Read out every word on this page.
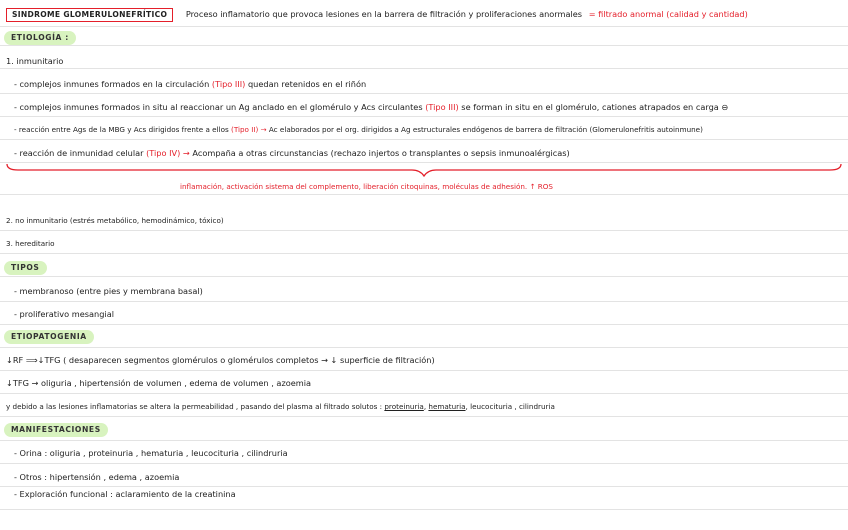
SINDROME GLOMERULONEFRÍTICO Proceso inflamatorio que provoca lesiones en la barrera de filtración y proliferaciones anormales = filtrado anormal (calidad y cantidad)
ETIOLOGÍA :
1. inmunitario
- complejos inmunes formados en la circulación (Tipo III) quedan retenidos en el riñón
- complejos inmunes formados in situ al reaccionar un Ag anclado en el glomérulo y Acs circulantes (Tipo III) se forman in situ en el glomérulo, cationes atrapados en carga ⊖
- reacción entre Ags de la MBG y Acs dirigidos frente a ellos (Tipo II) → Ac elaborados por el org. dirigidos a Ag estructurales endógenos de barrera de filtración (Glomerulonefritis autoinmune)
- reacción de inmunidad celular (Tipo IV) → Acompaña a otras circunstancias (rechazo injertos o transplantes o sepsis inmunoalérgicas)
inflamación, activación sistema del complemento, liberación citoquinas, moléculas de adhesión. ↑ ROS
2. no inmunitario (estrés metabólico, hemodinámico, tóxico)
3. hereditario
TIPOS
- membranoso (entre pies y membrana basal)
- proliferativo mesangial
ETIOPATOGENIA
↓RF ⟹↓TFG ( desaparecen segmentos glomérulos o glomérulos completos → ↓ superficie de filtración)
↓TFG → oliguria , hipertensión de volumen , edema de volumen , azoemia
y debido a las lesiones inflamatorias se altera la permeabilidad , pasando del plasma al filtrado solutos : proteinuria, hematuria, leucocituria , cilindruria
MANIFESTACIONES
- Orina : oliguria , proteinuria , hematuria , leucocituria , cilindruria
- Otros : hipertensión , edema , azoemia
- Exploración funcional : aclaramiento de la creatinina
